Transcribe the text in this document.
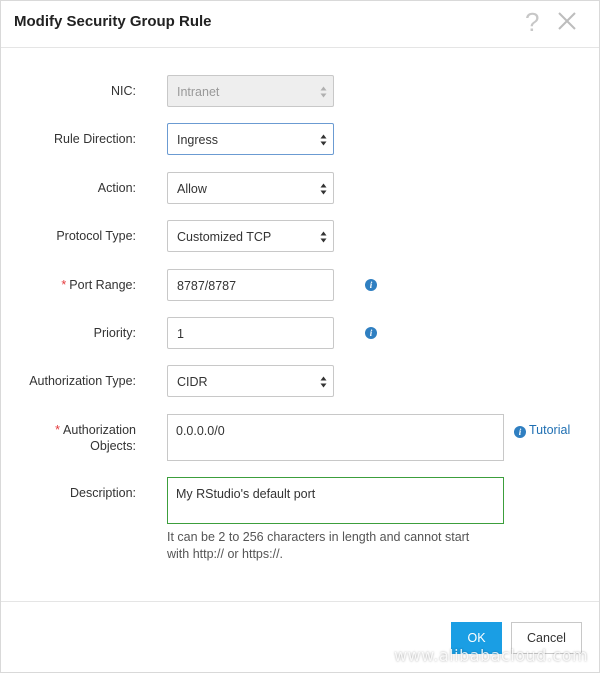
Modify Security Group Rule	?
NIC:	Intranet
Rule Direction:	Ingress
Action:	Allow
Protocol Type:	Customized TCP
* Port Range:	8787/8787	i
Priority:	1	i
Authorization Type:	CIDR
* Authorization
Objects:
0.0.0.0/0	i Tutorial
Description:	My RStudio's default port
It can be 2 to 256 characters in length and cannot start
with http:// or https://.
OK	Cancel
www.alibabacloud.com
